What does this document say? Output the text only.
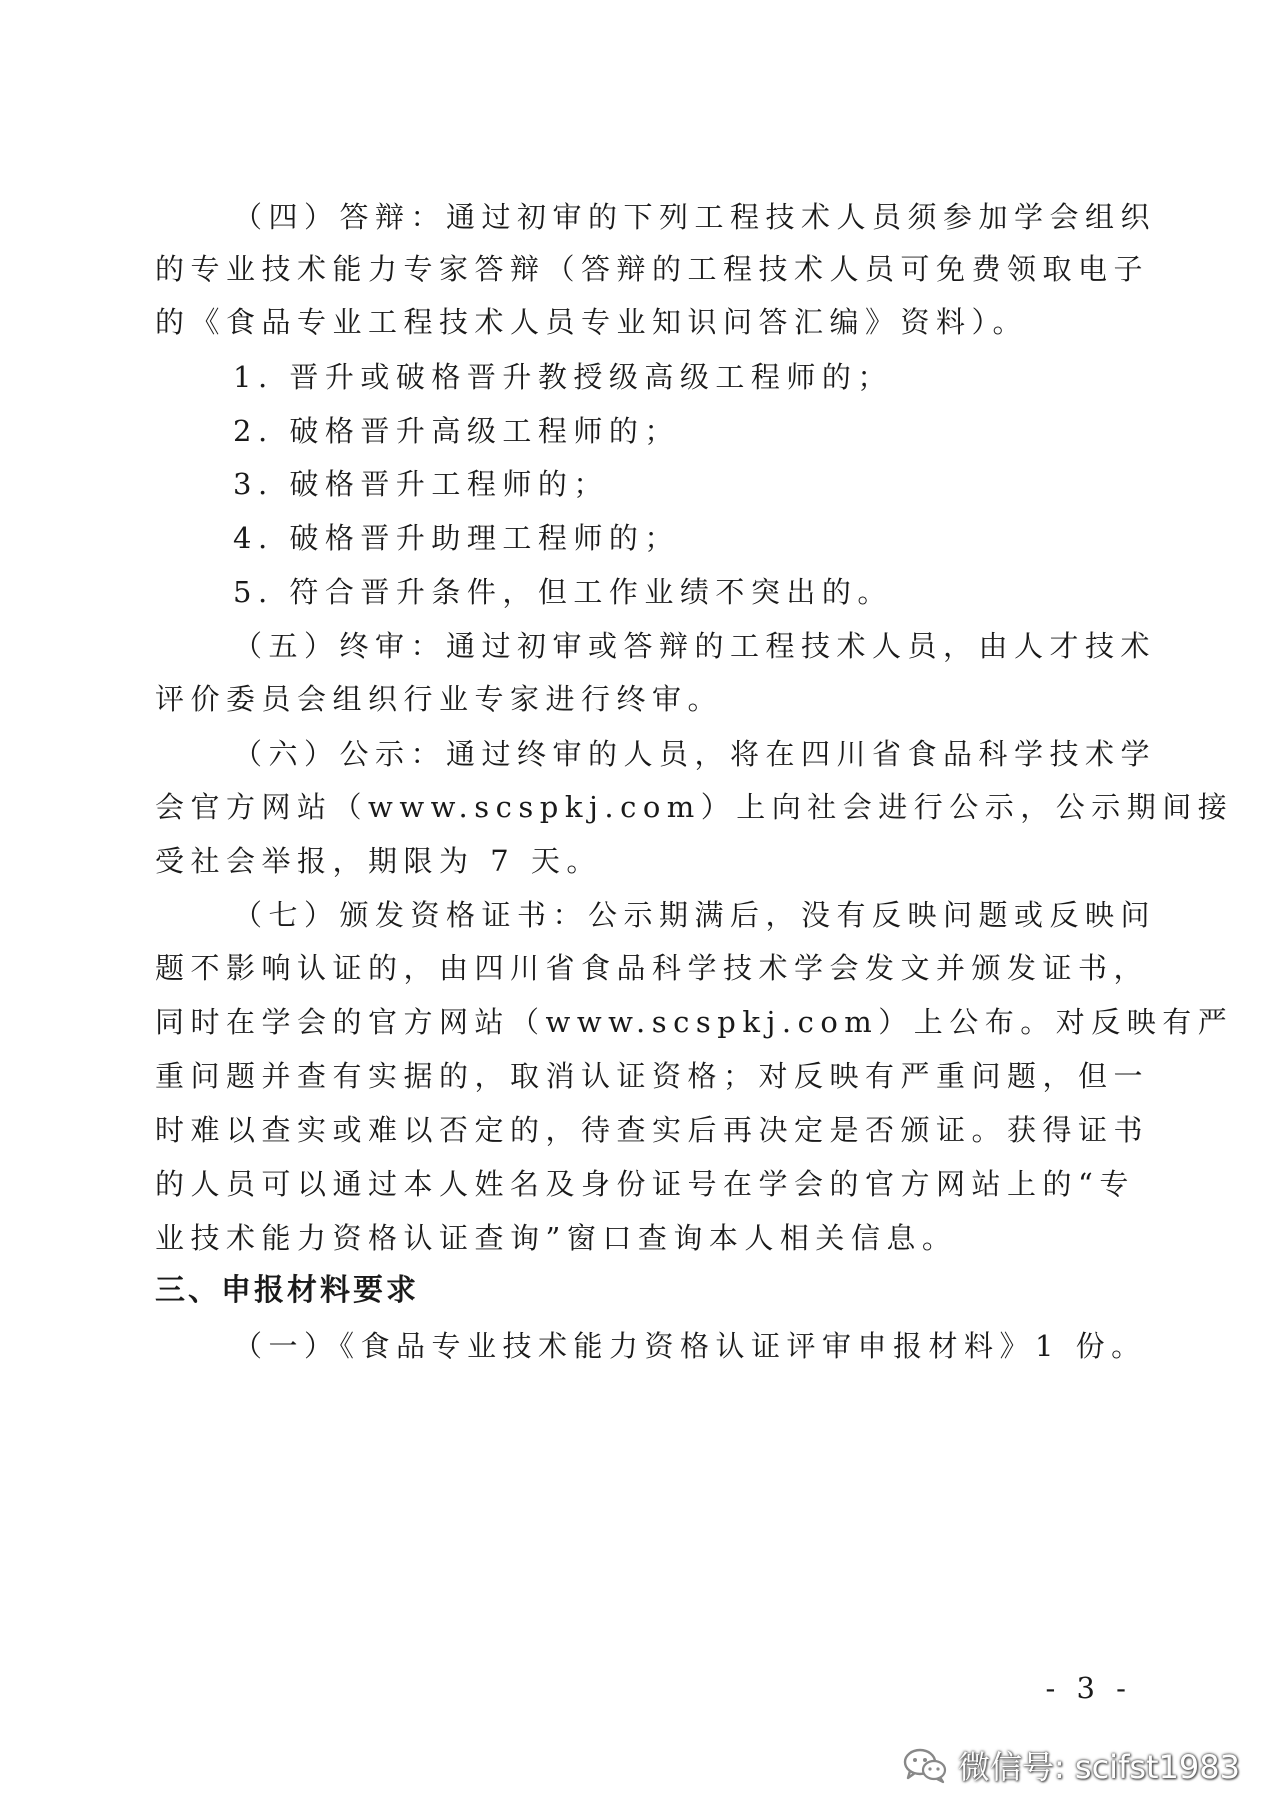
（四）答辩：通过初审的下列工程技术人员须参加学会组织
的专业技术能力专家答辩（答辩的工程技术人员可免费领取电子
的《食品专业工程技术人员专业知识问答汇编》资料）。
1. 晋升或破格晋升教授级高级工程师的；
2. 破格晋升高级工程师的；
3. 破格晋升工程师的；
4. 破格晋升助理工程师的；
5. 符合晋升条件，但工作业绩不突出的。
（五）终审：通过初审或答辩的工程技术人员，由人才技术
评价委员会组织行业专家进行终审。
（六）公示：通过终审的人员，将在四川省食品科学技术学
会官方网站（www.scspkj.com）上向社会进行公示，公示期间接
受社会举报，期限为 7 天。
（七）颁发资格证书：公示期满后，没有反映问题或反映问
题不影响认证的，由四川省食品科学技术学会发文并颁发证书，
同时在学会的官方网站（www.scspkj.com）上公布。对反映有严
重问题并查有实据的，取消认证资格；对反映有严重问题，但一
时难以查实或难以否定的，待查实后再决定是否颁证。获得证书
的人员可以通过本人姓名及身份证号在学会的官方网站上的“专
业技术能力资格认证查询”窗口查询本人相关信息。
三、申报材料要求
（一）《食品专业技术能力资格认证评审申报材料》1 份。
- 3 -
微信号: scifst1983
